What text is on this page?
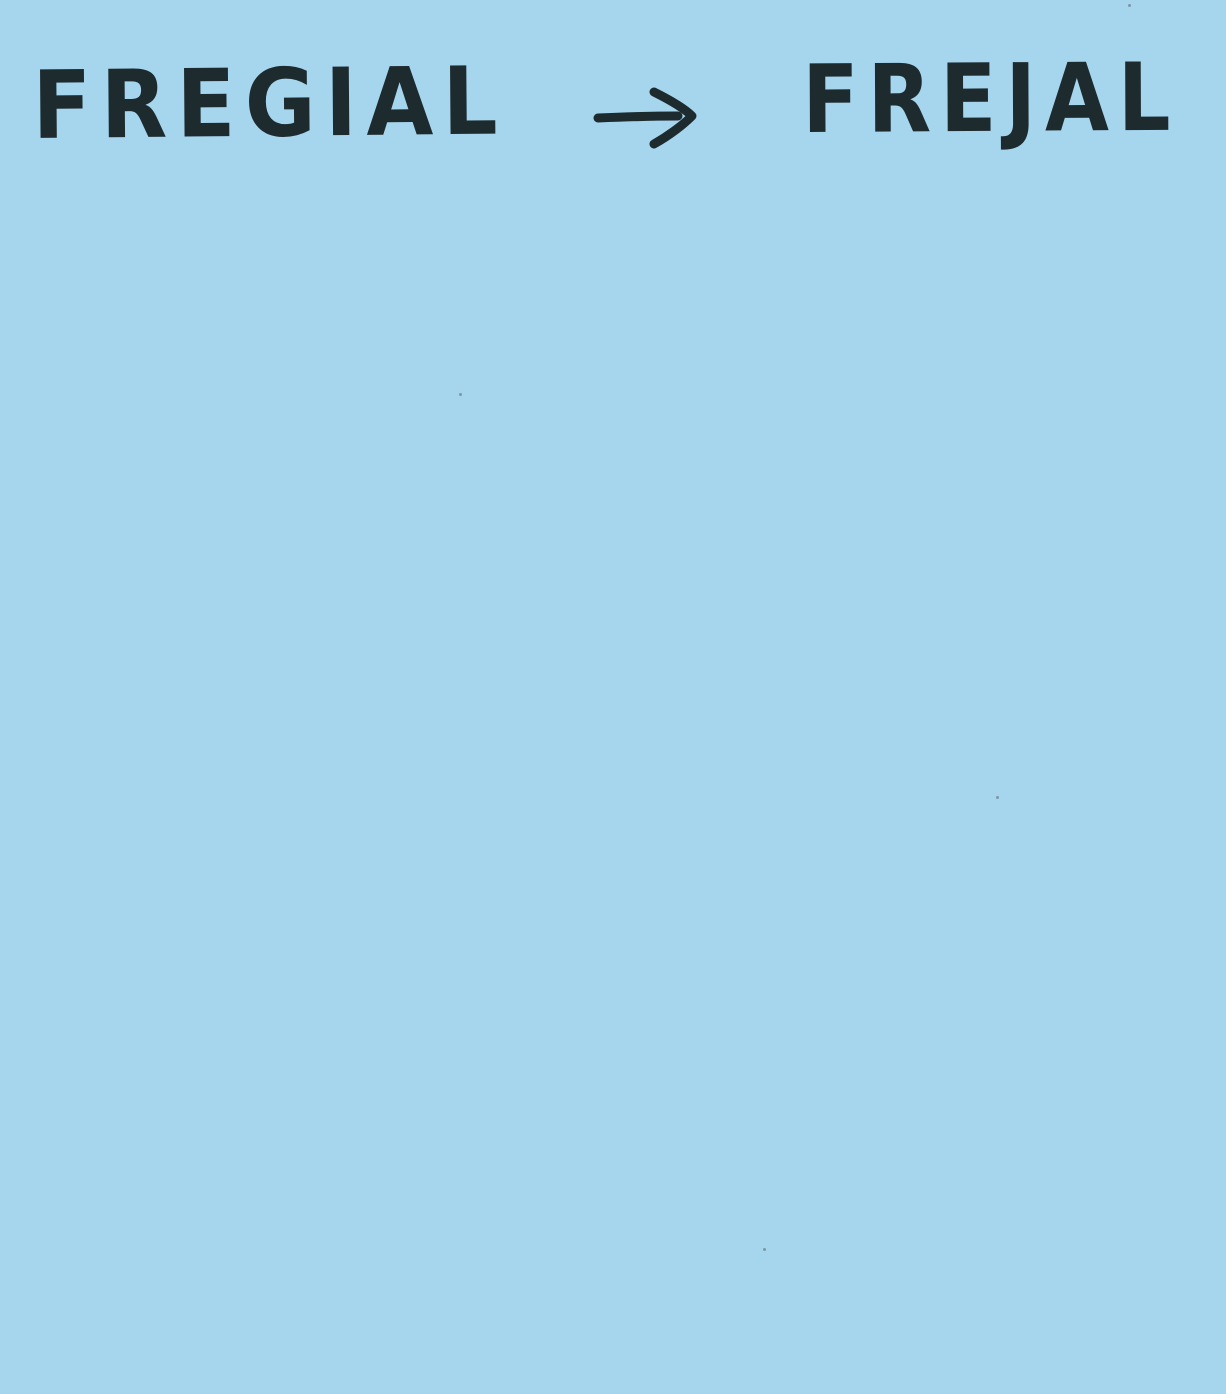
FREGIAL	FREJAL
